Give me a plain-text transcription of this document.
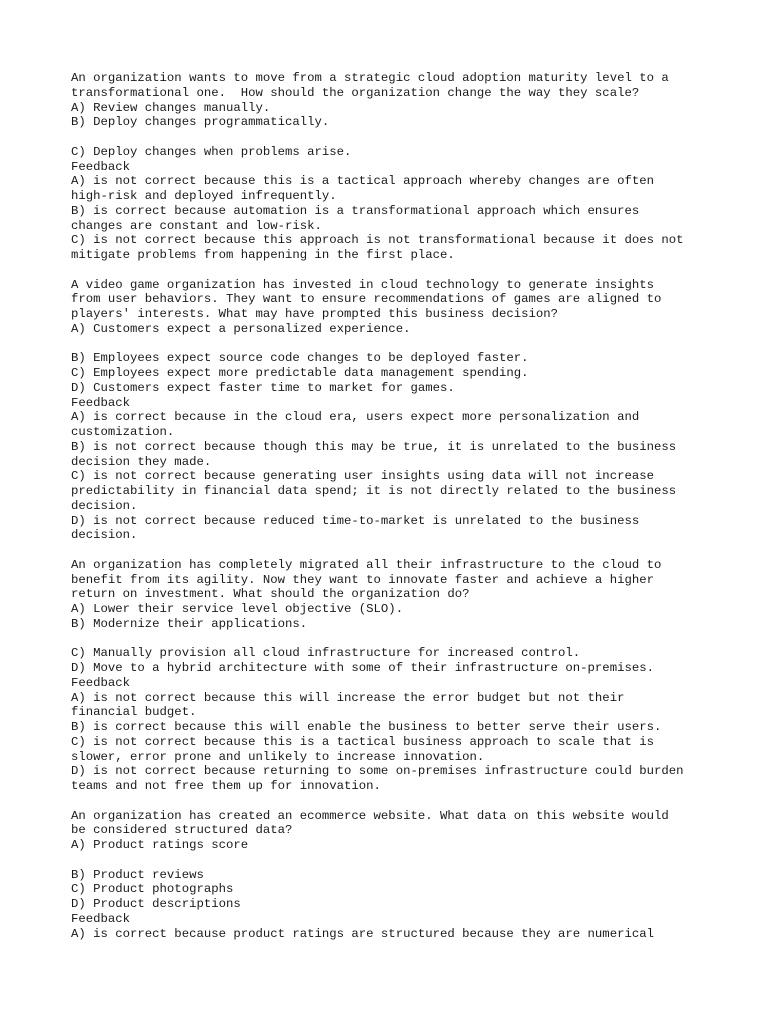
An organization wants to move from a strategic cloud adoption maturity level to a
transformational one.  How should the organization change the way they scale?
A) Review changes manually.
B) Deploy changes programmatically.
C) Deploy changes when problems arise.
Feedback
A) is not correct because this is a tactical approach whereby changes are often
high-risk and deployed infrequently.
B) is correct because automation is a transformational approach which ensures
changes are constant and low-risk.
C) is not correct because this approach is not transformational because it does not
mitigate problems from happening in the first place.
A video game organization has invested in cloud technology to generate insights
from user behaviors. They want to ensure recommendations of games are aligned to
players' interests. What may have prompted this business decision?
A) Customers expect a personalized experience.
B) Employees expect source code changes to be deployed faster.
C) Employees expect more predictable data management spending.
D) Customers expect faster time to market for games.
Feedback
A) is correct because in the cloud era, users expect more personalization and
customization.
B) is not correct because though this may be true, it is unrelated to the business
decision they made.
C) is not correct because generating user insights using data will not increase
predictability in financial data spend; it is not directly related to the business
decision.
D) is not correct because reduced time-to-market is unrelated to the business
decision.
An organization has completely migrated all their infrastructure to the cloud to
benefit from its agility. Now they want to innovate faster and achieve a higher
return on investment. What should the organization do?
A) Lower their service level objective (SLO).
B) Modernize their applications.
C) Manually provision all cloud infrastructure for increased control.
D) Move to a hybrid architecture with some of their infrastructure on-premises.
Feedback
A) is not correct because this will increase the error budget but not their
financial budget.
B) is correct because this will enable the business to better serve their users.
C) is not correct because this is a tactical business approach to scale that is
slower, error prone and unlikely to increase innovation.
D) is not correct because returning to some on-premises infrastructure could burden
teams and not free them up for innovation.
An organization has created an ecommerce website. What data on this website would
be considered structured data?
A) Product ratings score
B) Product reviews
C) Product photographs
D) Product descriptions
Feedback
A) is correct because product ratings are structured because they are numerical
